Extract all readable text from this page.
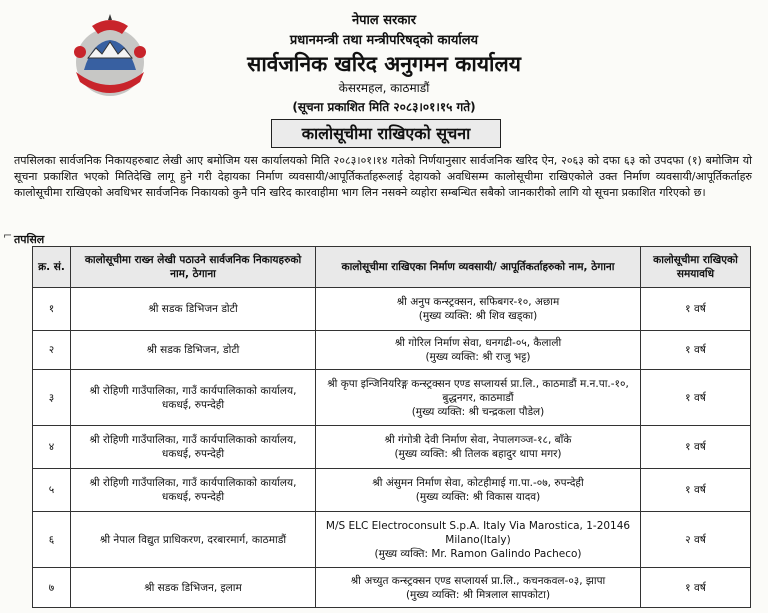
नेपाल सरकार
प्रधानमन्त्री तथा मन्त्रीपरिषद्को कार्यालय
सार्वजनिक खरिद अनुगमन कार्यालय
केसरमहल, काठमाडौं
(सूचना प्रकाशित मिति २०८३।०१।१५ गते)
कालोसूचीमा राखिएको सूचना
तपसिलका सार्वजनिक निकायहरुबाट लेखी आए बमोजिम यस कार्यालयको मिति २०८३।०१।१४ गतेको निर्णयानुसार सार्वजनिक खरिद ऐन, २०६३ को दफा ६३ को उपदफा (१) बमोजिम यो सूचना प्रकाशित भएको मितिदेखि लागू हुने गरी देहायका निर्माण व्यवसायी/आपूर्तिकर्ताहरूलाई देहायको अवधिसम्म कालोसूचीमा राखिएकोले उक्त निर्माण व्यवसायी/आपूर्तिकर्ताहरु कालोसूचीमा राखिएको अवधिभर सार्वजनिक निकायको कुनै पनि खरिद कारवाहीमा भाग लिन नसक्ने व्यहोरा सम्बन्धित सबैको जानकारीको लागि यो सूचना प्रकाशित गरिएको छ।
⌐ तपसिल
क्र. सं.	कालोसूचीमा राख्न लेखी पठाउने सार्वजनिक निकायहरुको नाम, ठेगाना	कालोसूचीमा राखिएका निर्माण व्यवसायी/ आपूर्तिकर्ताहरुको नाम, ठेगाना	कालोसूचीमा राखिएको समयावधि
१	श्री सडक डिभिजन डोटी	श्री अनुप कन्स्ट्रक्सन, सफिबगर-१०, अछाम
(मुख्य व्यक्ति: श्री शिव खड्का)	१ वर्ष
२	श्री सडक डिभिजन, डोटी	श्री गोरिल निर्माण सेवा, धनगढी-०५, कैलाली
(मुख्य व्यक्ति: श्री राजु भट्ट)	१ वर्ष
३	श्री रोहिणी गाउँपालिका, गाउँ कार्यपालिकाको कार्यालय, धकधई, रुपन्देही	श्री कृपा इन्जिनियरिङ्ग कन्स्ट्रक्सन एण्ड सप्लायर्स प्रा.लि., काठमाडौं म.न.पा.-१०, बुद्धनगर, काठमाडौं
(मुख्य व्यक्ति: श्री चन्द्रकला पौडेल)	१ वर्ष
४	श्री रोहिणी गाउँपालिका, गाउँ कार्यपालिकाको कार्यालय, धकधई, रुपन्देही	श्री गंगोत्री देवी निर्माण सेवा, नेपालगञ्ज-१८, बाँके
(मुख्य व्यक्ति: श्री तिलक बहादुर थापा मगर)	१ वर्ष
५	श्री रोहिणी गाउँपालिका, गाउँ कार्यपालिकाको कार्यालय, धकधई, रुपन्देही	श्री अंसुमन निर्माण सेवा, कोटहीमाई गा.पा.-०७, रुपन्देही
(मुख्य व्यक्ति: श्री विकास यादव)	१ वर्ष
६	श्री नेपाल विद्युत प्राधिकरण, दरबारमार्ग, काठमाडौं	M/S ELC Electroconsult S.p.A. Italy Via Marostica, 1-20146 Milano(Italy)
(मुख्य व्यक्ति: Mr. Ramon Galindo Pacheco)	२ वर्ष
७	श्री सडक डिभिजन, इलाम	श्री अच्युत कन्स्ट्रक्सन एण्ड सप्लायर्स प्रा.लि., कचनकवल-०३, झापा
(मुख्य व्यक्ति: श्री मित्रलाल सापकोटा)	१ वर्ष
